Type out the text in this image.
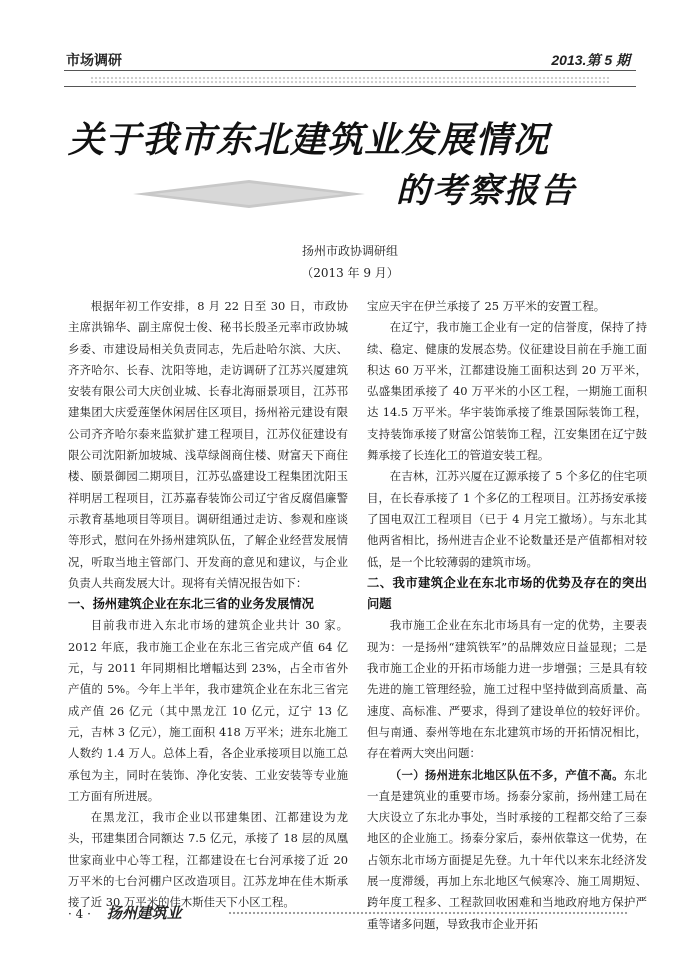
市场调研	2013.第 5 期
关于我市东北建筑业发展情况
的考察报告
扬州市政协调研组
（2013 年 9 月）

根据年初工作安排，8 月 22 日至 30 日，市政协主席洪锦华、副主席倪士俊、秘书长殷圣元率市政协城乡委、市建设局相关负责同志，先后赴哈尔滨、大庆、齐齐哈尔、长春、沈阳等地，走访调研了江苏兴厦建筑安装有限公司大庆创业城、长春北海丽景项目，江苏邗建集团大庆爱莲堡休闲居住区项目，扬州裕元建设有限公司齐齐哈尔泰来监狱扩建工程项目，江苏仪征建设有限公司沈阳新加坡城、浅草绿阁商住楼、财富天下商住楼、颐景御园二期项目，江苏弘盛建设工程集团沈阳玉祥明居工程项目，江苏嘉春装饰公司辽宁省反腐倡廉警示教育基地项目等项目。调研组通过走访、参观和座谈等形式，慰问在外扬州建筑队伍，了解企业经营发展情况，听取当地主管部门、开发商的意见和建议，与企业负责人共商发展大计。现将有关情况报告如下：

一、扬州建筑企业在东北三省的业务发展情况

目前我市进入东北市场的建筑企业共计 30 家。2012 年底，我市施工企业在东北三省完成产值 64 亿元，与 2011 年同期相比增幅达到 23%，占全市省外产值的 5%。今年上半年，我市建筑企业在东北三省完成产值 26 亿元（其中黑龙江 10 亿元，辽宁 13 亿元，吉林 3 亿元），施工面积 418 万平米；进东北施工人数约 1.4 万人。总体上看，各企业承接项目以施工总承包为主，同时在装饰、净化安装、工业安装等专业施工方面有所进展。

在黑龙江，我市企业以邗建集团、江都建设为龙头，邗建集团合同额达 7.5 亿元，承接了 18 层的凤凰世家商业中心等工程，江都建设在七台河承接了近 20 万平米的七台河棚户区改造项目。江苏龙坤在佳木斯承接了近 30 万平米的佳木斯佳天下小区工程。

宝应天宇在伊兰承接了 25 万平米的安置工程。

在辽宁，我市施工企业有一定的信誉度，保持了持续、稳定、健康的发展态势。仪征建设目前在手施工面积达 60 万平米，江都建设施工面积达到 20 万平米，弘盛集团承接了 40 万平米的小区工程，一期施工面积达 14.5 万平米。华宇装饰承接了维景国际装饰工程，支持装饰承接了财富公馆装饰工程，江安集团在辽宁鼓舞承接了长连化工的管道安装工程。

在吉林，江苏兴厦在辽源承接了 5 个多亿的住宅项目，在长春承接了 1 个多亿的工程项目。江苏扬安承接了国电双江工程项目（已于 4 月完工撤场）。与东北其他两省相比，扬州进吉企业不论数量还是产值都相对较低，是一个比较薄弱的建筑市场。

二、我市建筑企业在东北市场的优势及存在的突出问题

我市施工企业在东北市场具有一定的优势，主要表现为：一是扬州“建筑铁军”的品牌效应日益显现；二是我市施工企业的开拓市场能力进一步增强；三是具有较先进的施工管理经验，施工过程中坚持做到高质量、高速度、高标准、严要求，得到了建设单位的较好评价。但与南通、泰州等地在东北建筑市场的开拓情况相比，存在着两大突出问题：

（一）扬州进东北地区队伍不多，产值不高。东北一直是建筑业的重要市场。扬泰分家前，扬州建工局在大庆设立了东北办事处，当时承接的工程都交给了三泰地区的企业施工。扬泰分家后，泰州依靠这一优势，在占领东北市场方面提足先登。九十年代以来东北经济发展一度滞缓，再加上东北地区气候寒冷、施工周期短、跨年度工程多、工程款回收困难和当地政府地方保护严重等诸多问题，导致我市企业开拓

· 4 · 扬州建筑业
